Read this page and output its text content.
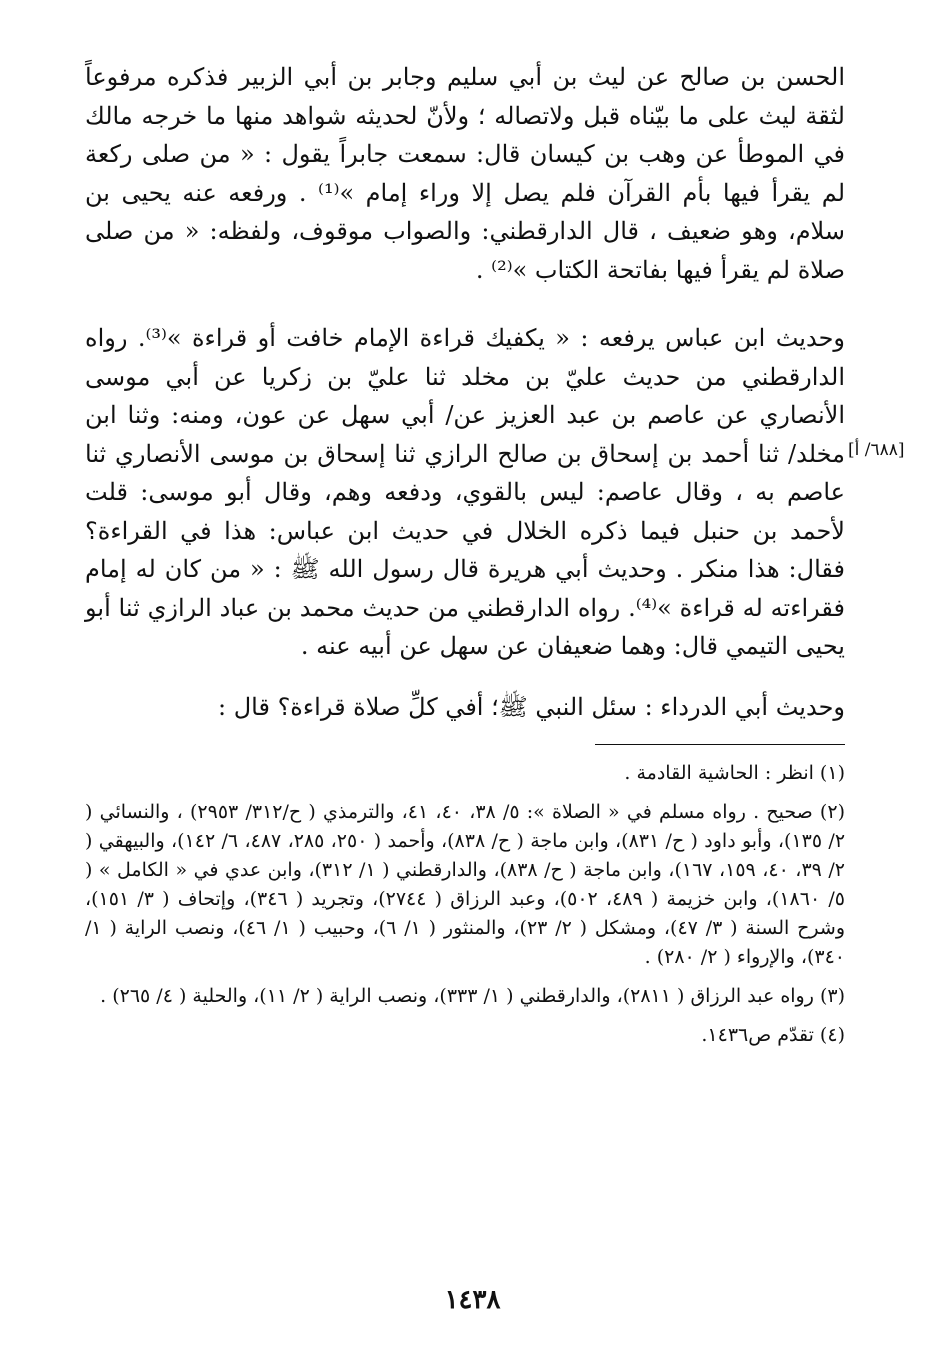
[٦٨٨/ أ]

الحسن بن صالح عن ليث بن أبي سليم وجابر بن أبي الزبير فذكره مرفوعاً لثقة ليث على ما بيّناه قبل ولاتصاله ؛ ولأنّ لحديثه شواهد منها ما خرجه مالك في الموطأ عن وهب بن كيسان قال: سمعت جابراً يقول : « من صلى ركعة لم يقرأ فيها بأم القرآن فلم يصل إلا وراء إمام »⁽¹⁾ . ورفعه عنه يحيى بن سلام، وهو ضعيف ، قال الدارقطني: والصواب موقوف، ولفظه: « من صلى صلاة لم يقرأ فيها بفاتحة الكتاب »⁽²⁾ .

وحديث ابن عباس يرفعه : « يكفيك قراءة الإمام خافت أو قراءة »⁽³⁾. رواه الدارقطني من حديث عليّ بن مخلد ثنا عليّ بن زكريا عن أبي موسى الأنصاري عن عاصم بن عبد العزيز عن/ أبي سهل عن عون، ومنه: وثنا ابن مخلد/ ثنا أحمد بن إسحاق بن صالح الرازي ثنا إسحاق بن موسى الأنصاري ثنا عاصم به ، وقال عاصم: ليس بالقوي، ودفعه وهم، وقال أبو موسى: قلت لأحمد بن حنبل فيما ذكره الخلال في حديث ابن عباس: هذا في القراءة؟ فقال: هذا منكر . وحديث أبي هريرة قال رسول الله ﷺ : « من كان له إمام فقراءته له قراءة »⁽⁴⁾. رواه الدارقطني من حديث محمد بن عباد الرازي ثنا أبو يحيى التيمي قال: وهما ضعيفان عن سهل عن أبيه عنه .

وحديث أبي الدرداء : سئل النبي ﷺ؛ أفي كلِّ صلاة قراءة؟ قال :

(١) انظر : الحاشية القادمة .

(٢) صحيح . رواه مسلم في « الصلاة »: ٥/ ٣٨، ٤٠، ٤١، والترمذي ( ح/٣١٢/ ٢٩٥٣) ، والنسائي ( ٢/ ١٣٥)، وأبو داود ( ح/ ٨٣١)، وابن ماجة ( ح/ ٨٣٨)، وأحمد ( ٢٥٠، ٢٨٥، ٤٨٧، ٦/ ١٤٢)، والبيهقي ( ٢/ ٣٩، ٤٠، ١٥٩، ١٦٧)، وابن ماجة ( ح/ ٨٣٨)، والدارقطني ( ١/ ٣١٢)، وابن عدي في « الكامل » ( ٥/ ١٨٦٠)، وابن خزيمة ( ٤٨٩، ٥٠٢)، وعبد الرزاق ( ٢٧٤٤)، وتجريد ( ٣٤٦)، وإتحاف ( ٣/ ١٥١)، وشرح السنة ( ٣/ ٤٧)، ومشكل ( ٢/ ٢٣)، والمنثور ( ١/ ٦)، وحبيب ( ١/ ٤٦)، ونصب الراية ( ١/ ٣٤٠)، والإرواء ( ٢/ ٢٨٠) .

(٣) رواه عبد الرزاق ( ٢٨١١)، والدارقطني ( ١/ ٣٣٣)، ونصب الراية ( ٢/ ١١)، والحلية ( ٤/ ٢٦٥) .

(٤) تقدّم ص١٤٣٦.

١٤٣٨
